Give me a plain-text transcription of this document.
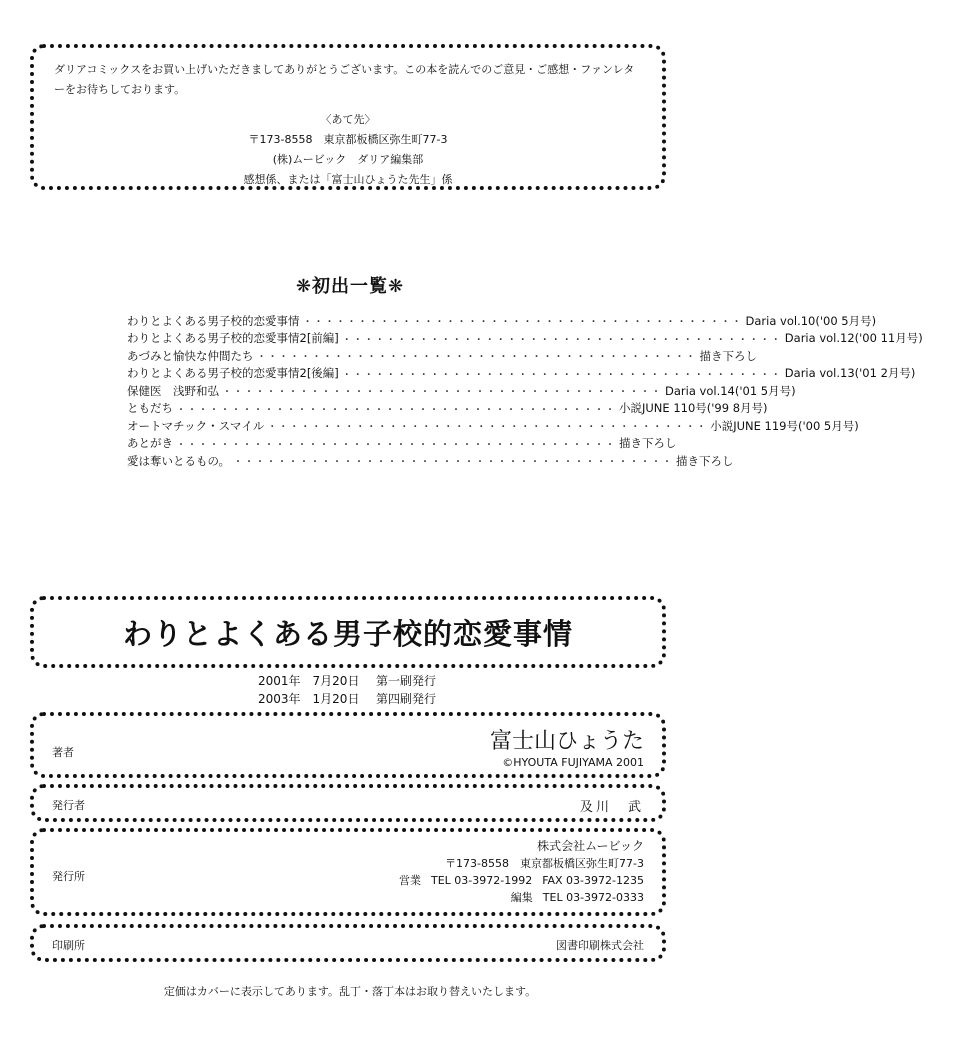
ダリアコミックスをお買い上げいただきましてありがとうございます。この本を読んでのご意見・ご感想・ファンレターをお待ちしております。

〈あて先〉
〒173-8558　東京都板橋区弥生町77-3
(株)ムービック　ダリア編集部
感想係、または「富士山ひょうた先生」係
❋初出一覧❋
わりとよくある男子校的恋愛事情 ・・・・・・・・・・・・・・・・・・・・・・・・・・・・・・・・・・・・・・・・ Daria vol.10('00 5月号)
わりとよくある男子校的恋愛事情2[前編] ・・・・・・・・・・・・・・・・・・・・・・・・・・・・・・・・・・・・・・・・ Daria vol.12('00 11月号)
あづみと愉快な仲間たち ・・・・・・・・・・・・・・・・・・・・・・・・・・・・・・・・・・・・・・・・ 描き下ろし
わりとよくある男子校的恋愛事情2[後編] ・・・・・・・・・・・・・・・・・・・・・・・・・・・・・・・・・・・・・・・・ Daria vol.13('01 2月号)
保健医　浅野和弘 ・・・・・・・・・・・・・・・・・・・・・・・・・・・・・・・・・・・・・・・・ Daria vol.14('01 5月号)
ともだち ・・・・・・・・・・・・・・・・・・・・・・・・・・・・・・・・・・・・・・・・ 小説JUNE 110号('99 8月号)
オートマチック・スマイル ・・・・・・・・・・・・・・・・・・・・・・・・・・・・・・・・・・・・・・・・ 小説JUNE 119号('00 5月号)
あとがき ・・・・・・・・・・・・・・・・・・・・・・・・・・・・・・・・・・・・・・・・ 描き下ろし
愛は奪いとるもの。 ・・・・・・・・・・・・・・・・・・・・・・・・・・・・・・・・・・・・・・・・ 描き下ろし
わりとよくある男子校的恋愛事情
2001年　7月20日 第一刷発行
2003年　1月20日 第四刷発行
著者	富士山ひょうた
©HYOUTA FUJIYAMA 2001
発行者	及川　武
発行所
株式会社ムービック
〒173-8558　東京都板橋区弥生町77-3
営業 TEL 03-3972-1992 FAX 03-3972-1235
編集 TEL 03-3972-0333
印刷所	図書印刷株式会社
定価はカバーに表示してあります。乱丁・落丁本はお取り替えいたします。
